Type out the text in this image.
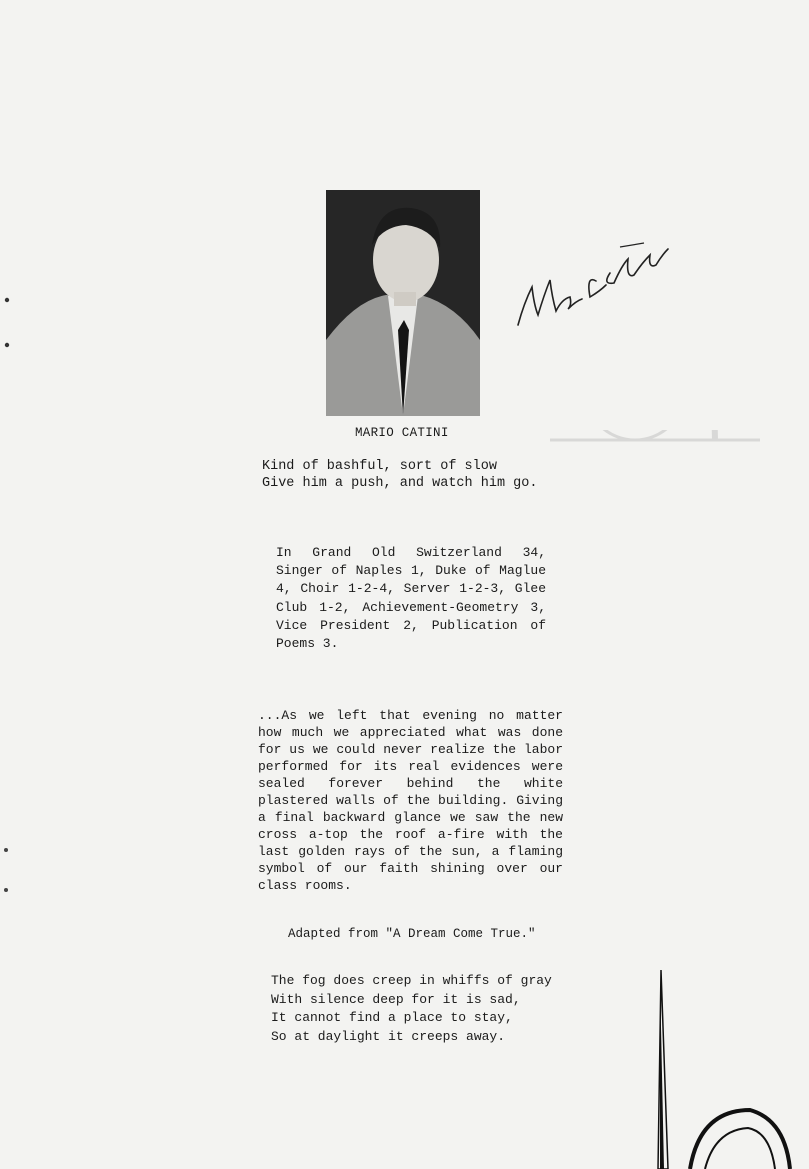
MARIO CATINI
Kind of bashful, sort of slow
Give him a push, and watch him go.
In Grand Old Switzerland 34, Singer of Naples 1, Duke of Maglue 4, Choir 1-2-4, Server 1-2-3, Glee Club 1-2, Achievement-Geometry 3, Vice President 2, Publication of Poems 3.
...As we left that evening no matter how much we appreciated what was done for us we could never realize the labor performed for its real evidences were sealed forever behind the white plastered walls of the building. Giving a final backward glance we saw the new cross a-top the roof a-fire with the last golden rays of the sun, a flaming symbol of our faith shining over our class rooms.
Adapted from "A Dream Come True."
The fog does creep in whiffs of gray
With silence deep for it is sad,
It cannot find a place to stay,
So at daylight it creeps away.
